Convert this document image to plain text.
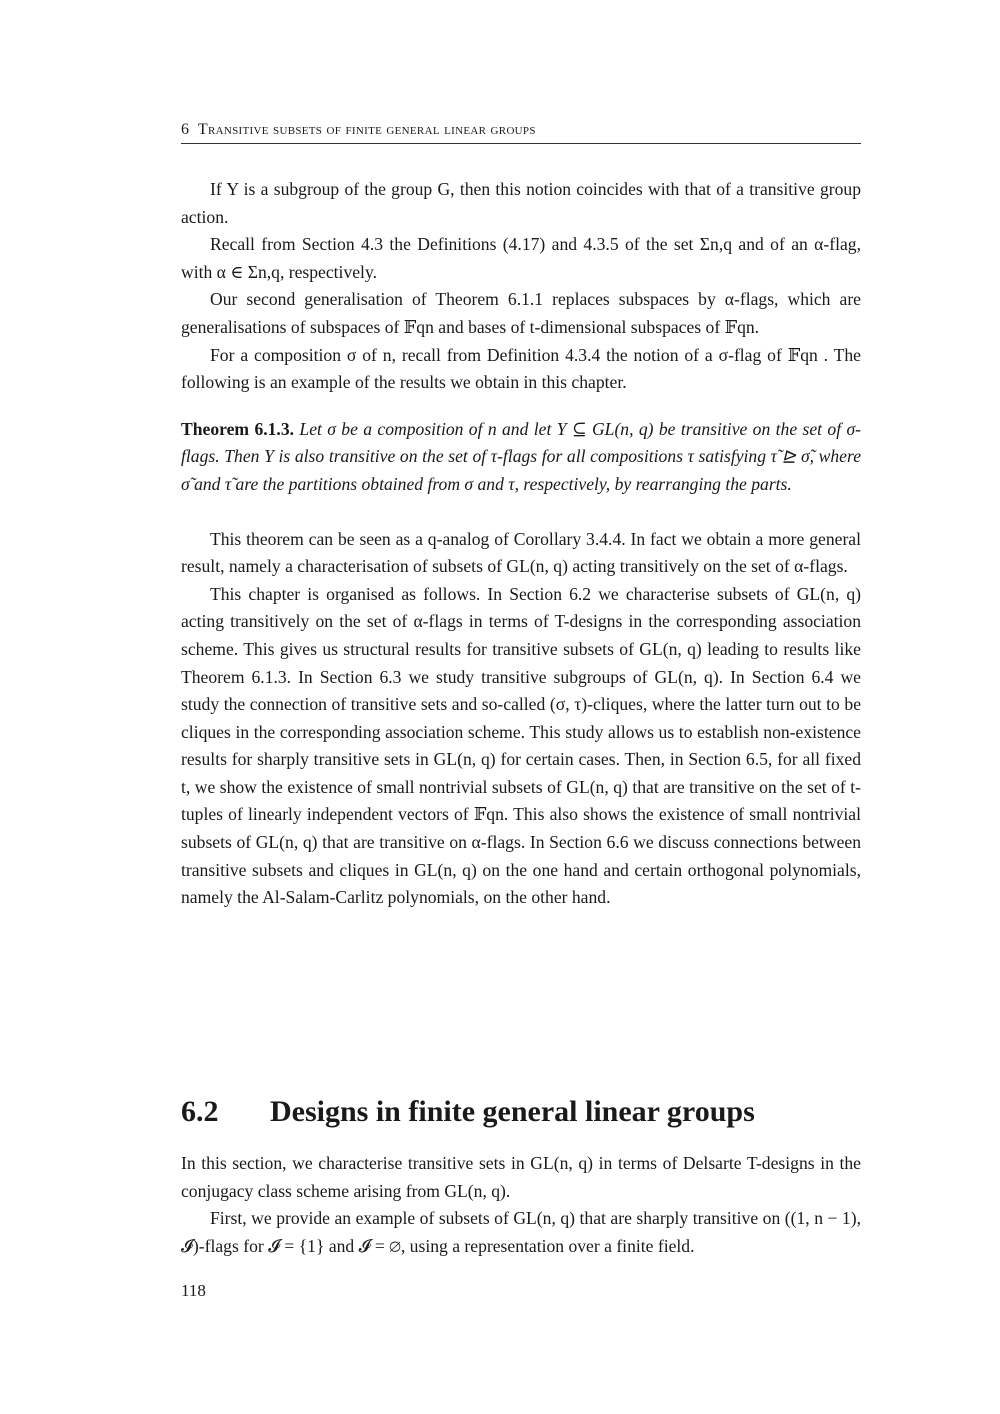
6 Transitive subsets of finite general linear groups

If Y is a subgroup of the group G, then this notion coincides with that of a transitive group action.

Recall from Section 4.3 the Definitions (4.17) and 4.3.5 of the set Σn,q and of an α-flag, with α ∈ Σn,q, respectively.

Our second generalisation of Theorem 6.1.1 replaces subspaces by α-flags, which are generalisations of subspaces of 𝔽qn and bases of t-dimensional subspaces of 𝔽qn.

For a composition σ of n, recall from Definition 4.3.4 the notion of a σ-flag of 𝔽qn . The following is an example of the results we obtain in this chapter.

Theorem 6.1.3. Let σ be a composition of n and let Y ⊆ GL(n, q) be transitive on the set of σ-flags. Then Y is also transitive on the set of τ-flags for all compositions τ satisfying τ̃ ⊵ σ̃, where σ̃ and τ̃ are the partitions obtained from σ and τ, respectively, by rearranging the parts.

This theorem can be seen as a q-analog of Corollary 3.4.4. In fact we obtain a more general result, namely a characterisation of subsets of GL(n, q) acting transitively on the set of α-flags.

This chapter is organised as follows. In Section 6.2 we characterise subsets of GL(n, q) acting transitively on the set of α-flags in terms of T-designs in the corresponding association scheme. This gives us structural results for transitive subsets of GL(n, q) leading to results like Theorem 6.1.3. In Section 6.3 we study transitive subgroups of GL(n, q). In Section 6.4 we study the connection of transitive sets and so-called (σ, τ)-cliques, where the latter turn out to be cliques in the corresponding association scheme. This study allows us to establish non-existence results for sharply transitive sets in GL(n, q) for certain cases. Then, in Section 6.5, for all fixed t, we show the existence of small nontrivial subsets of GL(n, q) that are transitive on the set of t-tuples of linearly independent vectors of 𝔽qn. This also shows the existence of small nontrivial subsets of GL(n, q) that are transitive on α-flags. In Section 6.6 we discuss connections between transitive subsets and cliques in GL(n, q) on the one hand and certain orthogonal polynomials, namely the Al-Salam-Carlitz polynomials, on the other hand.

6.2 Designs in finite general linear groups

In this section, we characterise transitive sets in GL(n, q) in terms of Delsarte T-designs in the conjugacy class scheme arising from GL(n, q).

First, we provide an example of subsets of GL(n, q) that are sharply transitive on ((1, n − 1), 𝓘)-flags for 𝓘 = {1} and 𝓘 = ∅, using a representation over a finite field.

118
